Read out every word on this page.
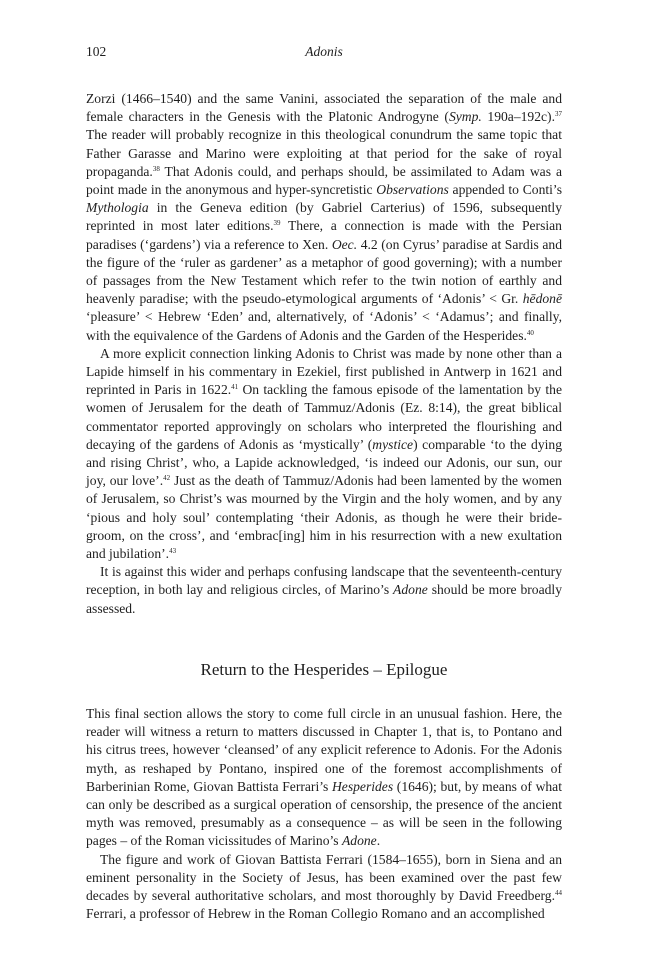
102	Adonis

Zorzi (1466–1540) and the same Vanini, associated the separation of the male and female characters in the Genesis with the Platonic Androgyne (Symp. 190a–192c).$^{37}$ The reader will probably recognize in this theological conundrum the same topic that Father Garasse and Marino were exploiting at that period for the sake of royal propaganda.$^{38}$ That Adonis could, and perhaps should, be assimilated to Adam was a point made in the anonymous and hyper-syncretistic Observations appended to Conti’s Mythologia in the Geneva edition (by Gabriel Carterius) of 1596, subsequently reprinted in most later editions.$^{39}$ There, a connection is made with the Persian paradises (‘gardens’) via a reference to Xen. Oec. 4.2 (on Cyrus’ paradise at Sardis and the figure of the ‘ruler as gardener’ as a metaphor of good governing); with a number of passages from the New Testament which refer to the twin notion of earthly and heavenly paradise; with the pseudo-etymological arguments of ‘Adonis’ < Gr. hēdonē ‘pleasure’ < Hebrew ‘Eden’ and, alternatively, of ‘Adonis’ < ‘Adamus’; and finally, with the equivalence of the Gardens of Adonis and the Garden of the Hesperides.$^{40}$

A more explicit connection linking Adonis to Christ was made by none other than a Lapide himself in his commentary in Ezekiel, first published in Antwerp in 1621 and reprinted in Paris in 1622.41 On tackling the famous episode of the lamentation by the women of Jerusalem for the death of Tammuz/Adonis (Ez. 8:14), the great biblical commentator reported approvingly on scholars who interpreted the flourishing and decaying of the gardens of Adonis as ‘mystically’ (mystice) comparable ‘to the dying and rising Christ’, who, a Lapide acknowledged, ‘is indeed our Adonis, our sun, our joy, our love’.$^{42}$ Just as the death of Tammuz/Adonis had been lamented by the women of Jerusalem, so Christ’s was mourned by the Virgin and the holy women, and by any ‘pious and holy soul’ contemplating ‘their Adonis, as though he were their bride-groom, on the cross’, and ‘embrac[ing] him in his resurrection with a new exultation and jubilation’.$^{43}$

It is against this wider and perhaps confusing landscape that the seventeenth-century reception, in both lay and religious circles, of Marino’s Adone should be more broadly assessed.

Return to the Hesperides – Epilogue

This final section allows the story to come full circle in an unusual fashion. Here, the reader will witness a return to matters discussed in Chapter 1, that is, to Pontano and his citrus trees, however ‘cleansed’ of any explicit reference to Adonis. For the Adonis myth, as reshaped by Pontano, inspired one of the foremost accomplishments of Barberinian Rome, Giovan Battista Ferrari’s Hesperides (1646); but, by means of what can only be described as a surgical operation of censorship, the presence of the ancient myth was removed, presumably as a consequence – as will be seen in the following pages – of the Roman vicissitudes of Marino’s Adone.

The figure and work of Giovan Battista Ferrari (1584–1655), born in Siena and an eminent personality in the Society of Jesus, has been examined over the past few decades by several authoritative scholars, and most thoroughly by David Freedberg.$^{44}$ Ferrari, a professor of Hebrew in the Roman Collegio Romano and an accomplished
